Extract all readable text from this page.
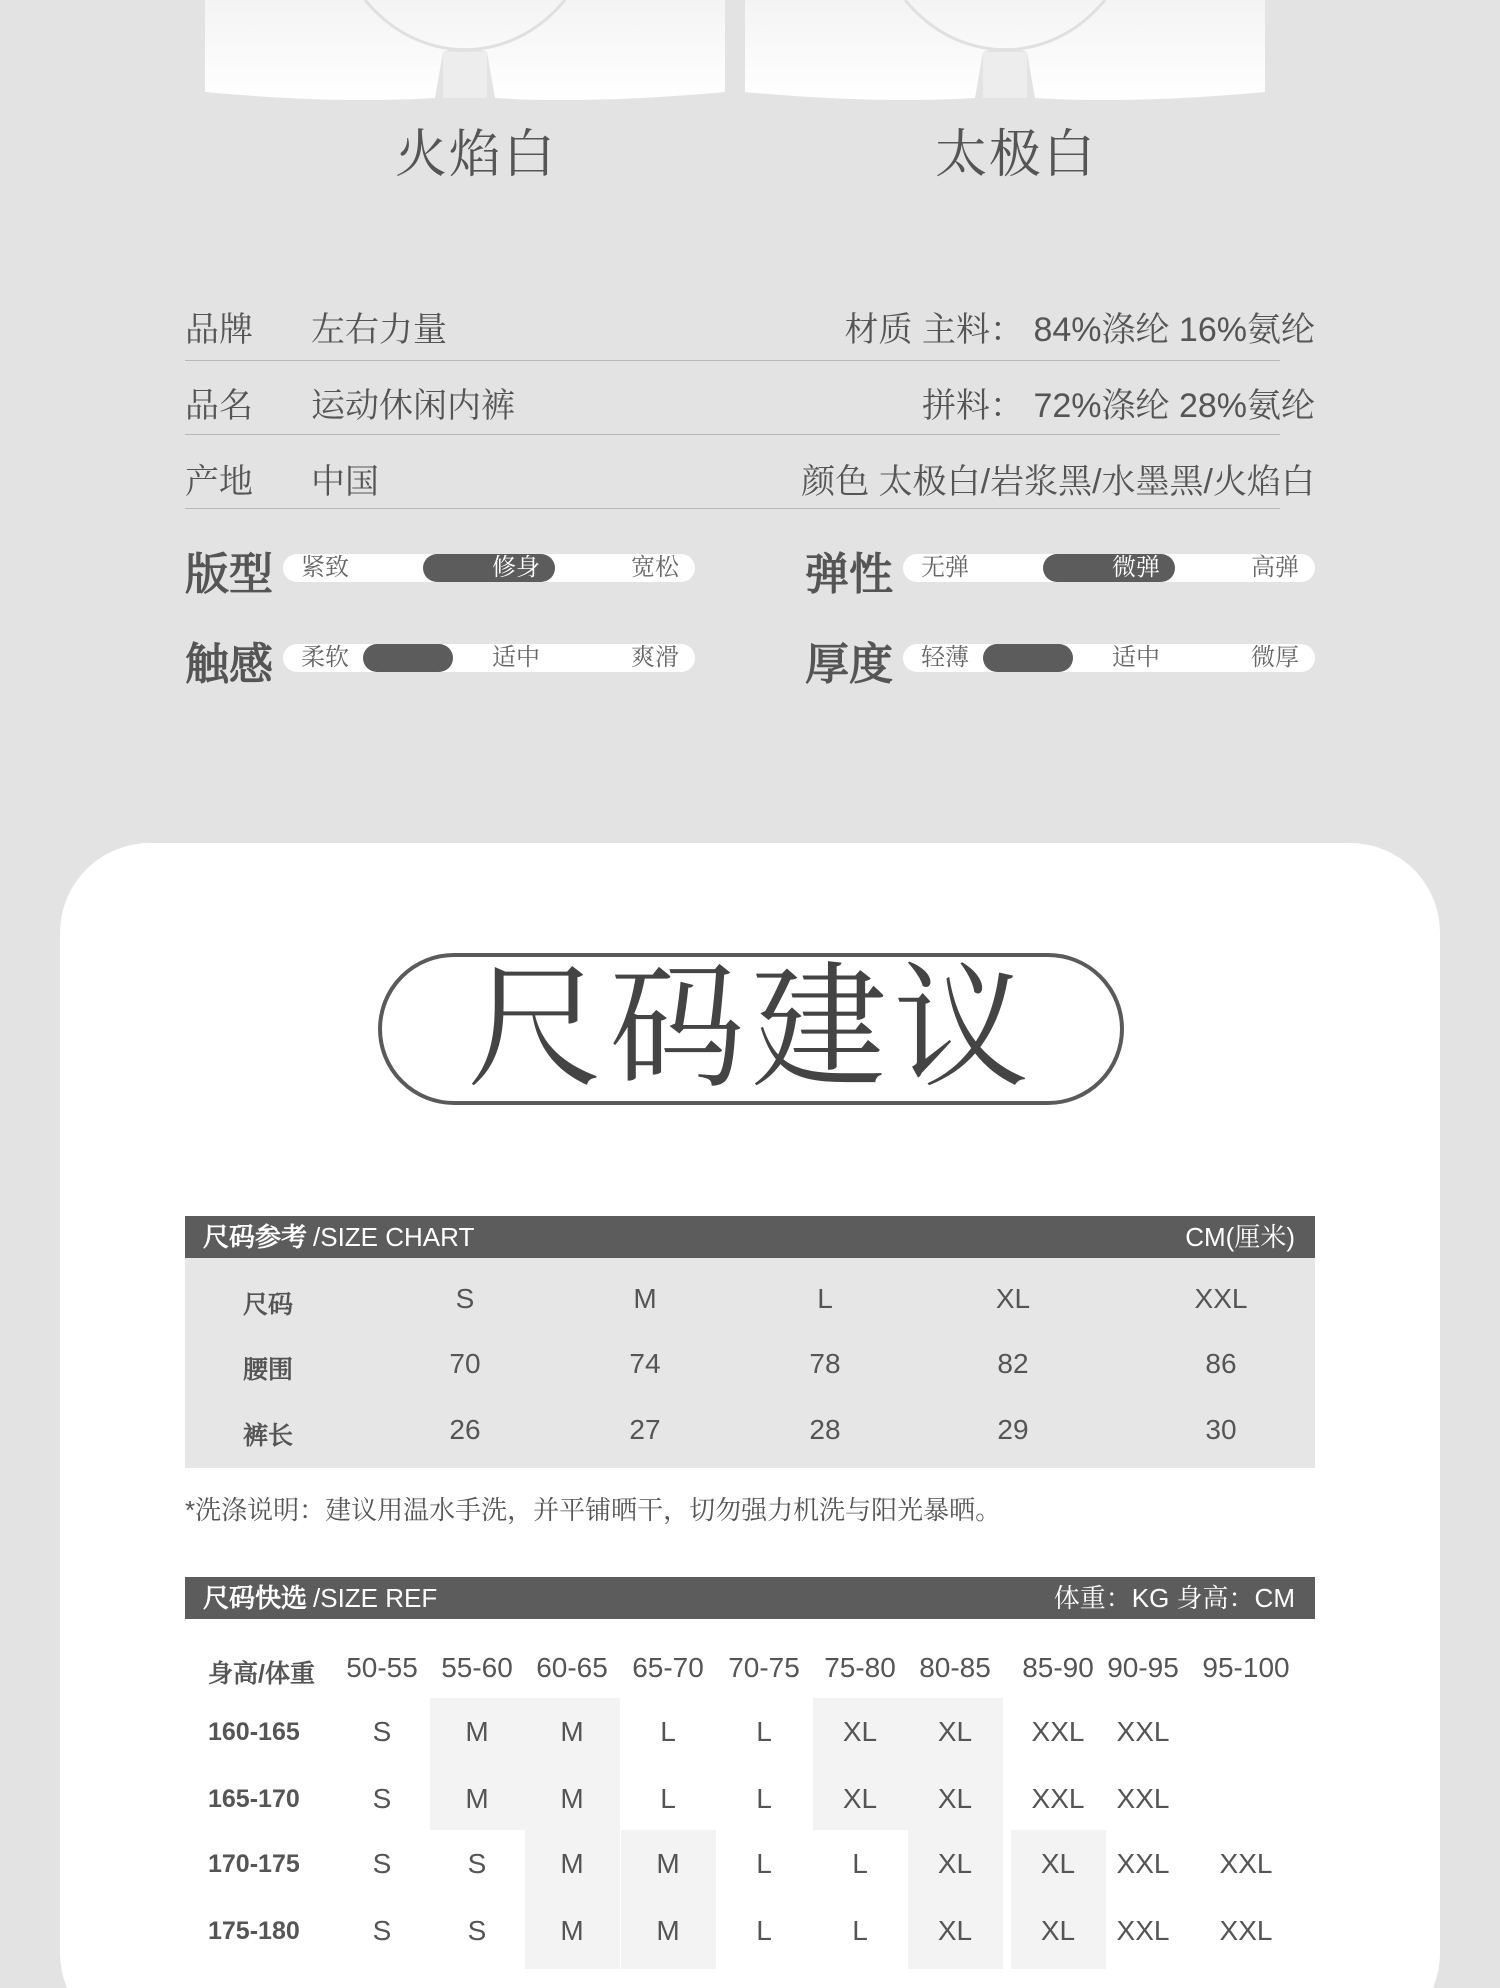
火焰白	太极白
品牌 左右力量	材质 主料： 84%涤纶 16%氨纶
品名 运动休闲内裤	拼料： 72%涤纶 28%氨纶
产地 中国	颜色 太极白/岩浆黑/水墨黑/火焰白
版型 紧致	修身	宽松	弹性 无弹	微弹	高弹
触感 柔软	适中	爽滑	厚度 轻薄	适中	微厚
尺码建议
尺码参考 /SIZE CHART	CM(厘米)
尺码	S	M	L	XL	XXL
腰围	70	74	78	82	86
裤长	26	27	28	29	30
*洗涤说明：建议用温水手洗，并平铺晒干，切勿强力机洗与阳光暴晒。
尺码快选 /SIZE REF	体重：KG 身高：CM
身高/体重	50-55 55-60 60-65 65-70 70-75 75-80 80-85	85-90 90-95 95-100
160-165	S	M	M	L	L	XL	XL	XXL	XXL
165-170	S	M	M	L	L	XL	XL	XXL	XXL
170-175	S	S	M	M	L	L	XL	XL	XXL	XXL
175-180	S	S	M	M	L	L	XL	XL	XXL	XXL
